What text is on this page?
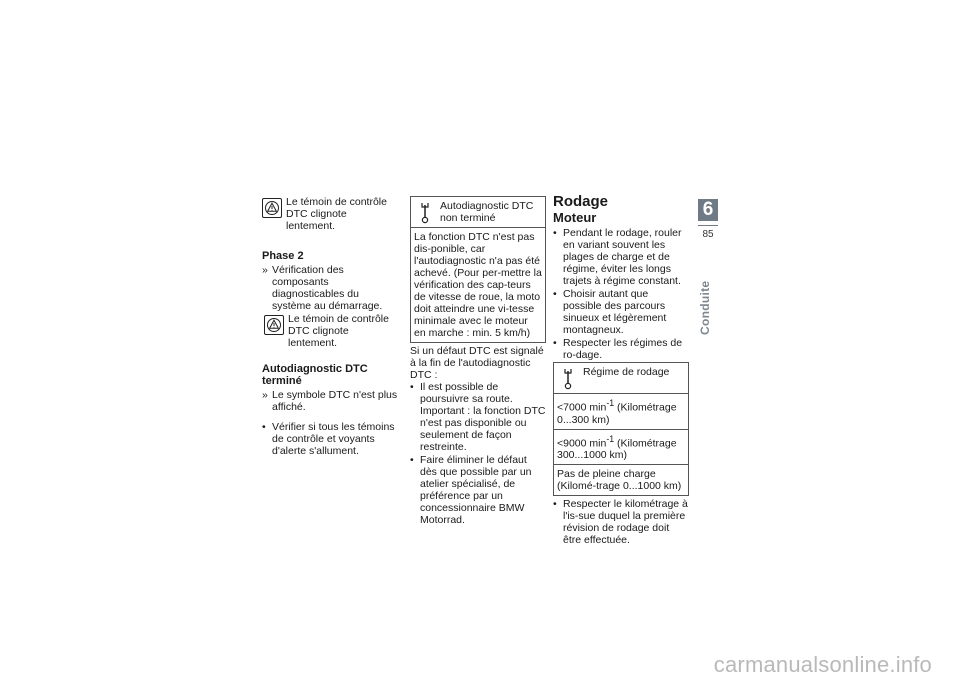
Le témoin de contrôle DTC clignote lentement.
Phase 2
» Vérification des composants diagnosticables du système au démarrage.
Le témoin de contrôle DTC clignote lentement.
Autodiagnostic DTC terminé
» Le symbole DTC n'est plus affiché.
• Vérifier si tous les témoins de contrôle et voyants d'alerte s'allument.
Autodiagnostic DTC non terminé

La fonction DTC n'est pas dis-ponible, car l'autodiagnostic n'a pas été achevé. (Pour per-mettre la vérification des cap-teurs de vitesse de roue, la moto doit atteindre une vi-tesse minimale avec le moteur en marche : min. 5 km/h)
Si un défaut DTC est signalé à la fin de l'autodiagnostic DTC :
• Il est possible de poursuivre sa route. Important : la fonction DTC n'est pas disponible ou seulement de façon restreinte.
• Faire éliminer le défaut dès que possible par un atelier spécialisé, de préférence par un concessionnaire BMW Motorrad.
Rodage
Moteur
• Pendant le rodage, rouler en variant souvent les plages de charge et de régime, éviter les longs trajets à régime constant.
• Choisir autant que possible des parcours sinueux et légèrement montagneux.
• Respecter les régimes de ro-dage.
Régime de rodage

<7000 $\min^{-1}$ (Kilométrage 0...300 km)
<9000 $\min^{-1}$ (Kilométrage 300...1000 km)
Pas de pleine charge (Kilomé-trage 0...1000 km)
• Respecter le kilométrage à l'is-sue duquel la première révision de rodage doit être effectuée.
6
85
Conduite
carmanualsonline.info
